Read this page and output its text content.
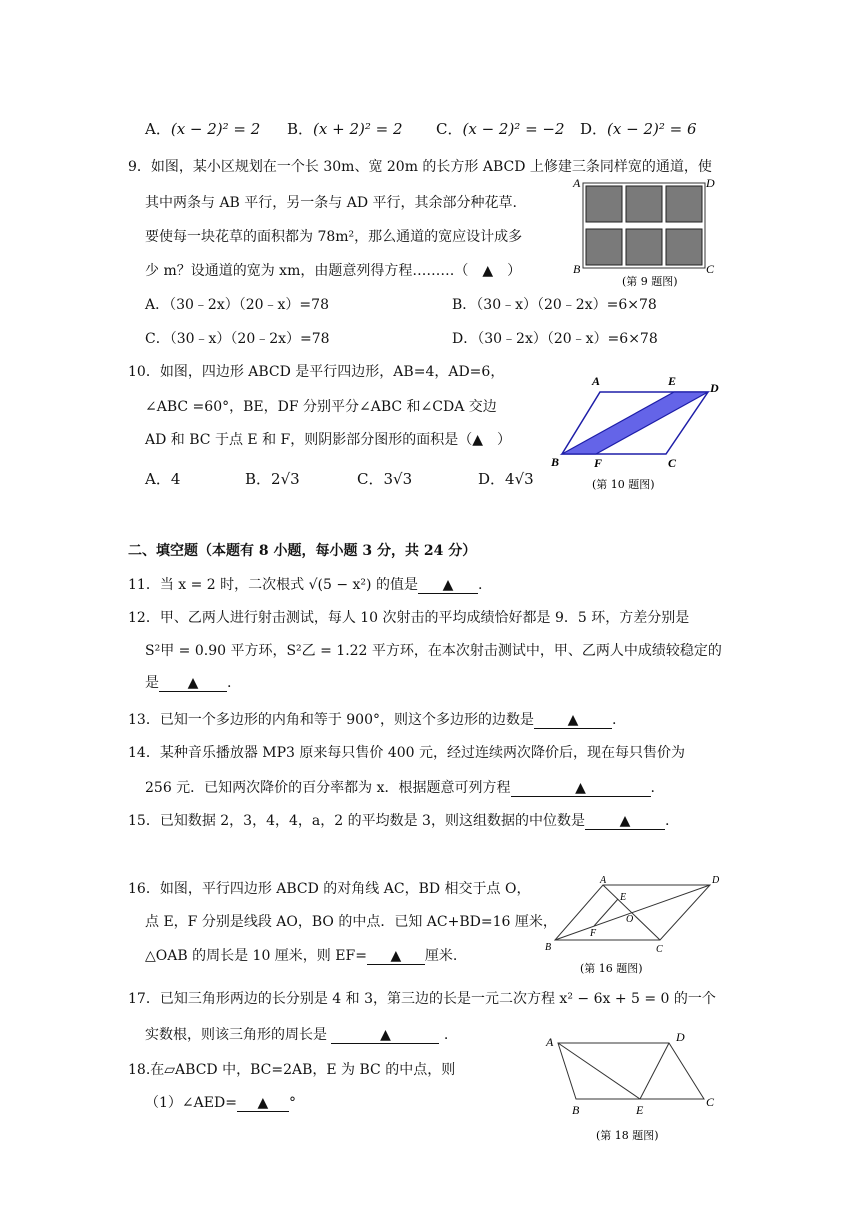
A．(x − 2)² = 2 B．(x + 2)² = 2 C．(x − 2)² = −2 D．(x − 2)² = 6
9．如图，某小区规划在一个长 30m、宽 20m 的长方形 ABCD 上修建三条同样宽的通道，使
其中两条与 AB 平行，另一条与 AD 平行，其余部分种花草.
要使每一块花草的面积都为 78m²，那么通道的宽应设计成多
少 m？设通道的宽为 xm，由题意列得方程………（　▲　）
A．（30﹣2x）（20﹣x）=78	B．（30﹣x）（20﹣2x）=6×78
C．（30﹣x）（20﹣2x）=78	D．（30﹣2x）（20﹣x）=6×78
A	D
B	C
(第 9 题图)
10．如图，四边形 ABCD 是平行四边形，AB=4，AD=6，
∠ABC =60°，BE，DF 分别平分∠ABC 和∠CDA 交边
AD 和 BC 于点 E 和 F，则阴影部分图形的面积是（▲　）
A．4	B．2√3	C．3√3	D．4√3
A	E	D
B	F	C
(第 10 题图)
二、填空题（本题有 8 小题，每小题 3 分，共 24 分）
11．当 x = 2 时，二次根式 √(5 − x²) 的值是 ▲ .
12．甲、乙两人进行射击测试，每人 10 次射击的平均成绩恰好都是 9．5 环，方差分别是
S²甲 = 0.90 平方环，S²乙 = 1.22 平方环，在本次射击测试中，甲、乙两人中成绩较稳定的
是 ▲ .
13．已知一个多边形的内角和等于 900°，则这个多边形的边数是 ▲ .
14．某种音乐播放器 MP3 原来每只售价 400 元，经过连续两次降价后，现在每只售价为
256 元．已知两次降价的百分率都为 x．根据题意可列方程	▲	.
15．已知数据 2，3，4，4，a，2 的平均数是 3，则这组数据的中位数是 ▲ .
16．如图，平行四边形 ABCD 的对角线 AC，BD 相交于点 O，
点 E，F 分别是线段 AO，BO 的中点．已知 AC+BD=16 厘米，
△OAB 的周长是 10 厘米，则 EF= ▲ 厘米.
A
E
D
O
F
B	C
(第 16 题图)
17．已知三角形两边的长分别是 4 和 3，第三边的长是一元二次方程 x² − 6x + 5 = 0 的一个
实数根，则该三角形的周长是	▲	.
18.在▱ABCD 中，BC=2AB，E 为 BC 的中点，则
（1）∠AED= ▲ °
A	D
B	E
C
(第 18 题图)
